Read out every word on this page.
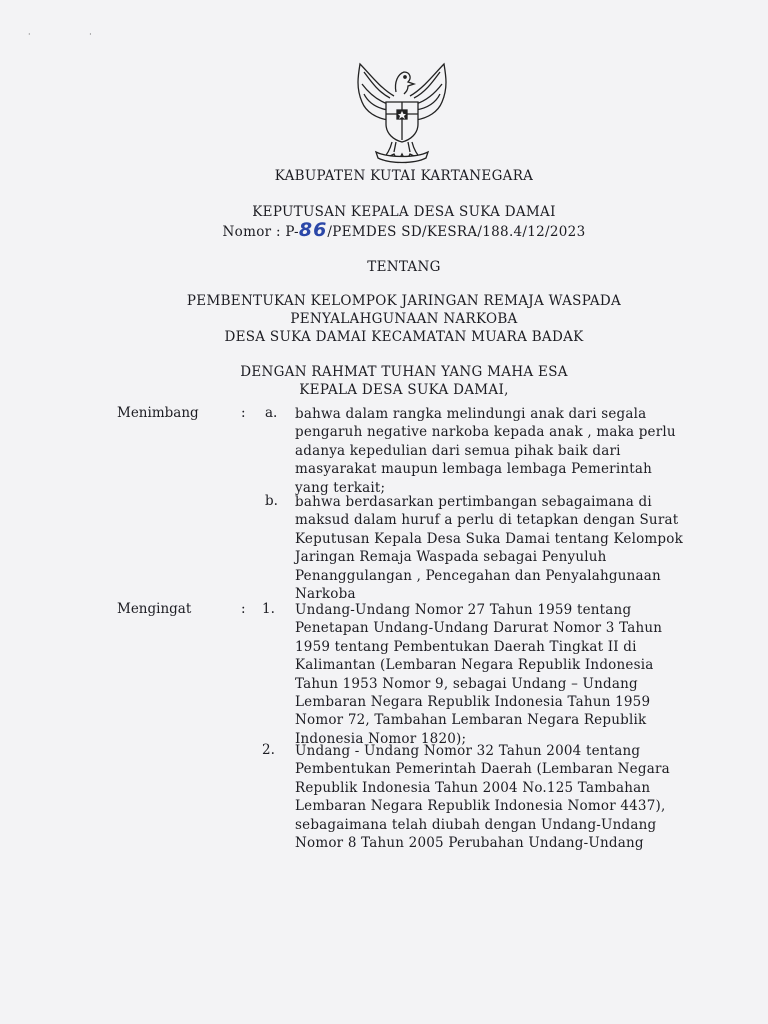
· ·
KABUPATEN KUTAI KARTANEGARA
KEPUTUSAN KEPALA DESA SUKA DAMAI
Nomor : P-86/PEMDES SD/KESRA/188.4/12/2023
TENTANG
PEMBENTUKAN KELOMPOK JARINGAN REMAJA WASPADA
PENYALAHGUNAAN NARKOBA
DESA SUKA DAMAI KECAMATAN MUARA BADAK
DENGAN RAHMAT TUHAN YANG MAHA ESA
KEPALA DESA SUKA DAMAI,
Menimbang	: a. bahwa dalam rangka melindungi anak dari segala
pengaruh negative narkoba kepada anak , maka perlu
adanya kepedulian dari semua pihak baik dari
masyarakat maupun lembaga lembaga Pemerintah
yang terkait;
b. bahwa berdasarkan pertimbangan sebagaimana di
maksud dalam huruf a perlu di tetapkan dengan Surat
Keputusan Kepala Desa Suka Damai tentang Kelompok
Jaringan Remaja Waspada sebagai Penyuluh
Penanggulangan , Pencegahan dan Penyalahgunaan
Narkoba
Mengingat	: 1. Undang-Undang Nomor 27 Tahun 1959 tentang
Penetapan Undang-Undang Darurat Nomor 3 Tahun
1959 tentang Pembentukan Daerah Tingkat II di
Kalimantan (Lembaran Negara Republik Indonesia
Tahun 1953 Nomor 9, sebagai Undang – Undang
Lembaran Negara Republik Indonesia Tahun 1959
Nomor 72, Tambahan Lembaran Negara Republik
Indonesia Nomor 1820);
2. Undang - Undang Nomor 32 Tahun 2004 tentang
Pembentukan Pemerintah Daerah (Lembaran Negara
Republik Indonesia Tahun 2004 No.125 Tambahan
Lembaran Negara Republik Indonesia Nomor 4437),
sebagaimana telah diubah dengan Undang-Undang
Nomor 8 Tahun 2005 Perubahan Undang-Undang
